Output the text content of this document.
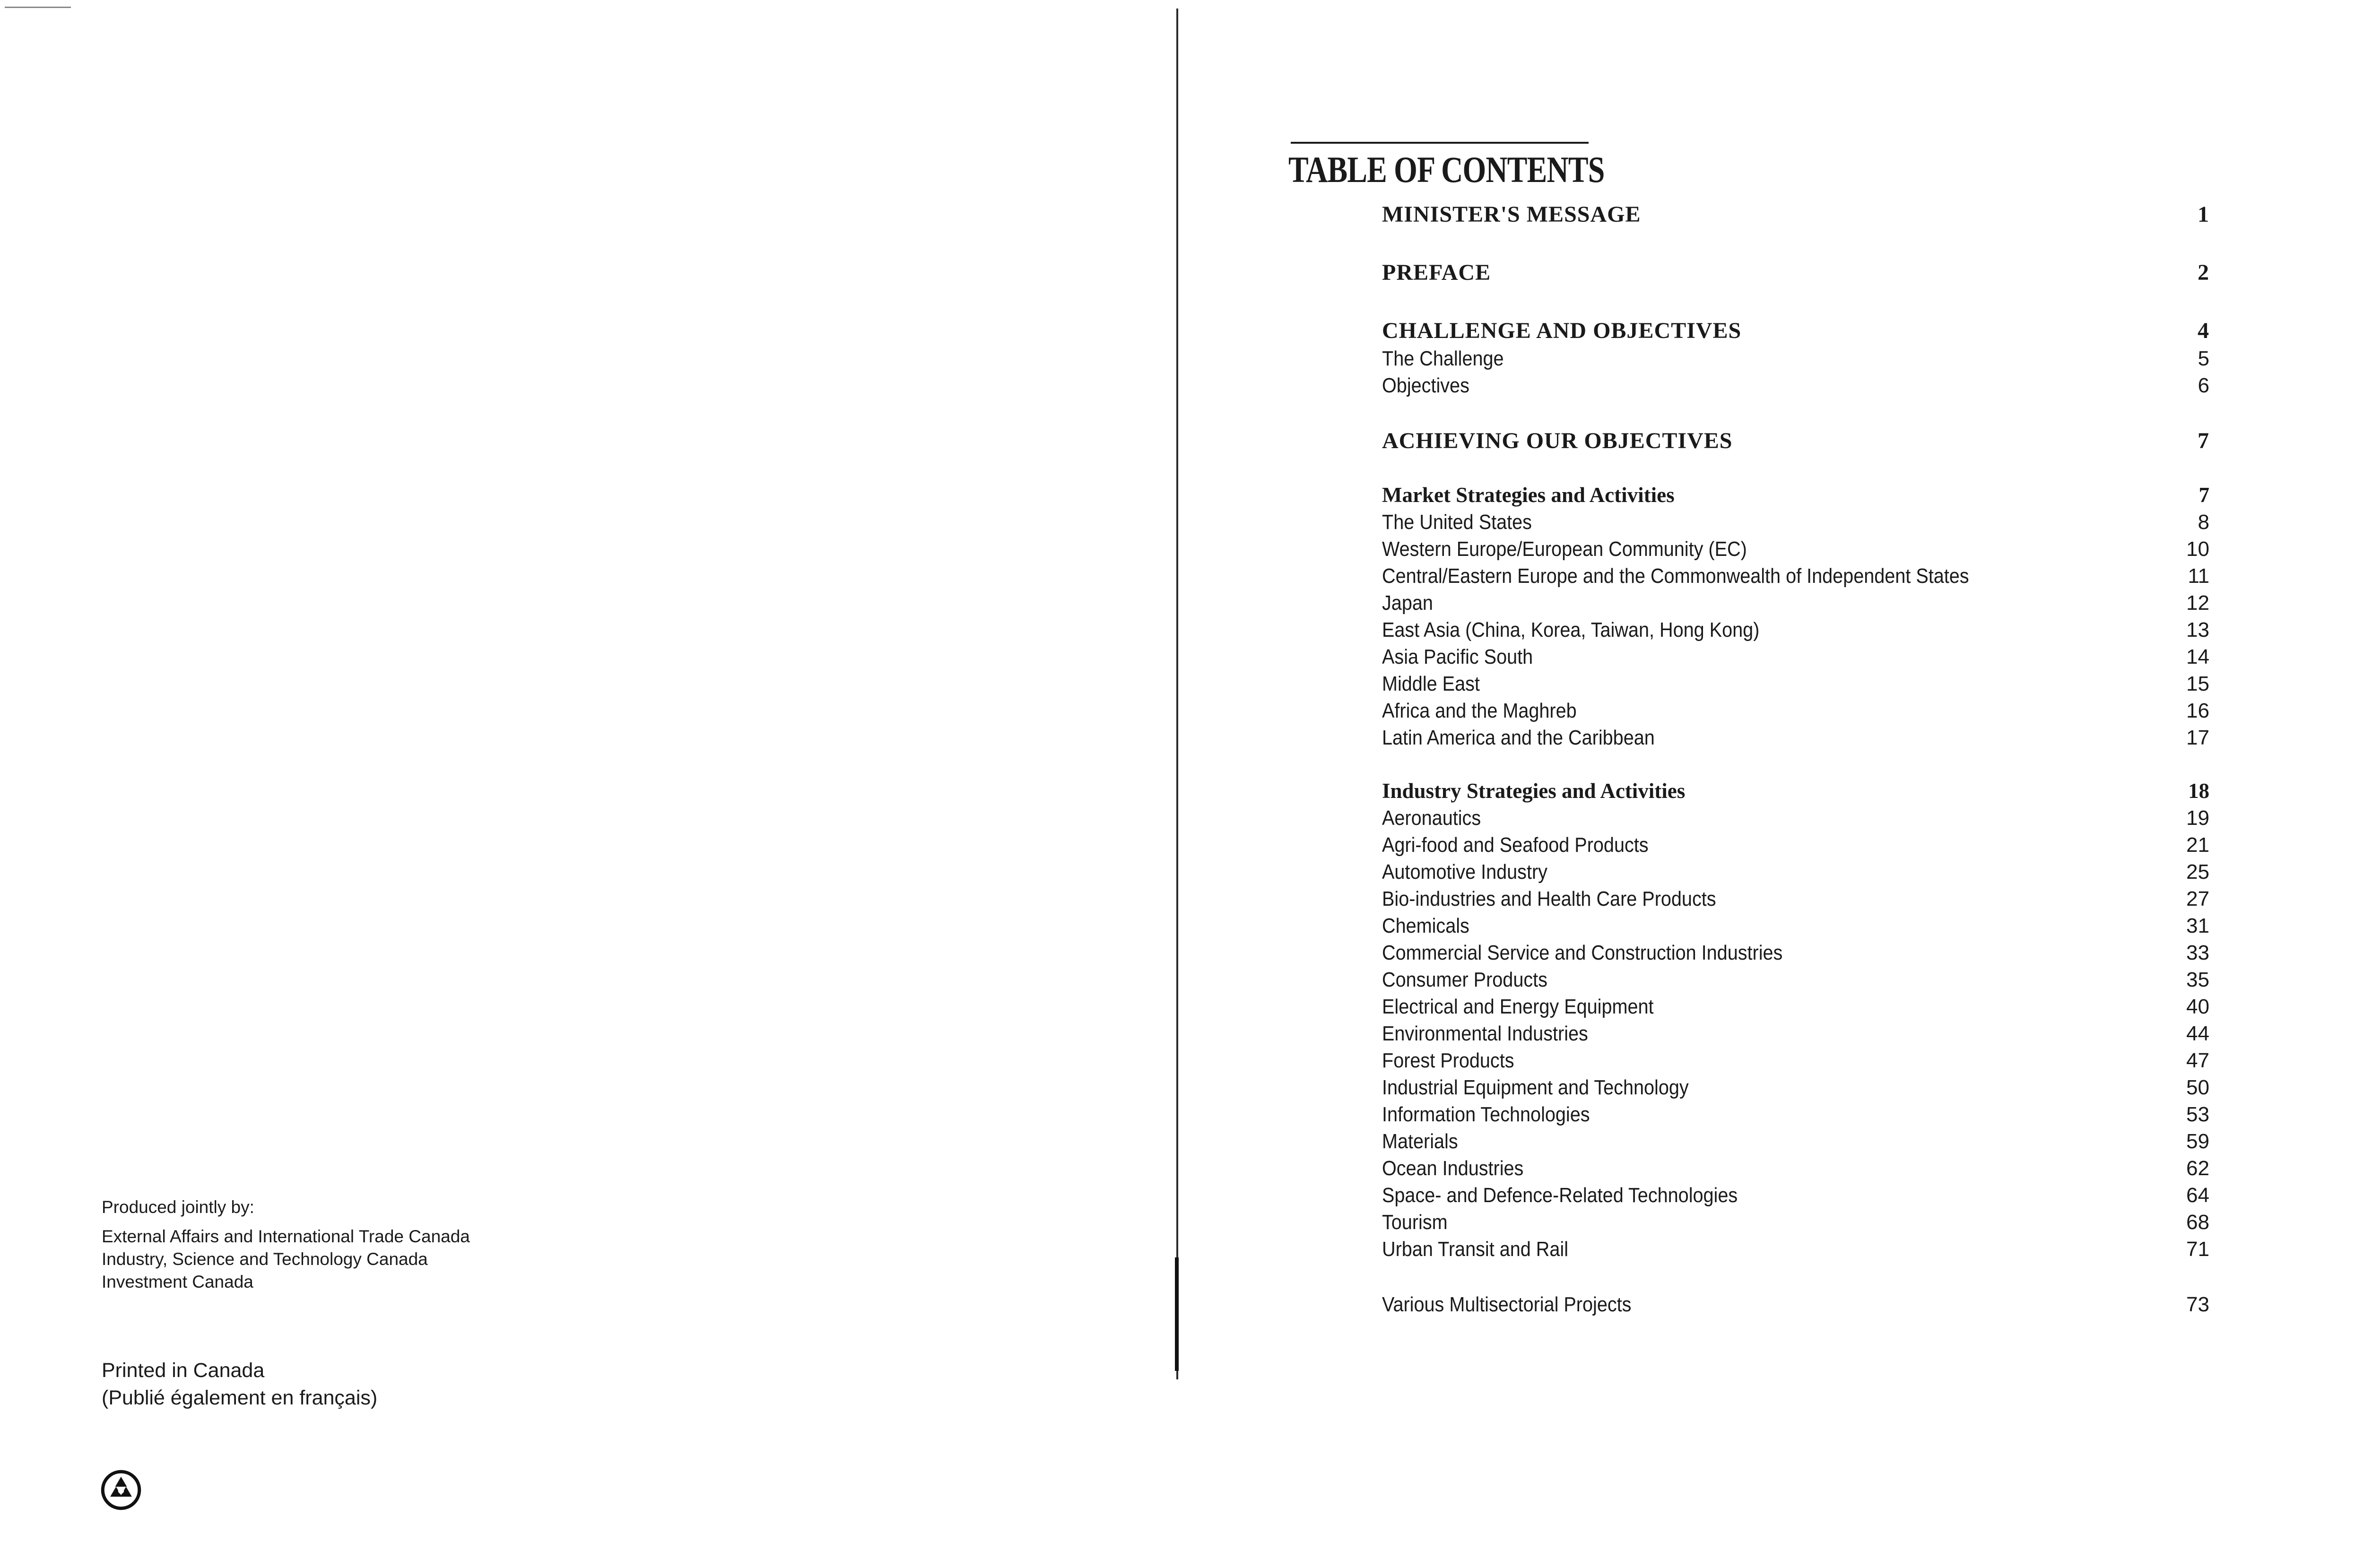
Produced jointly by:
External Affairs and International Trade Canada
Industry, Science and Technology Canada
Investment Canada
Printed in Canada
(Publié également en français)
TABLE OF CONTENTS
MINISTER'S MESSAGE	1
PREFACE	2
CHALLENGE AND OBJECTIVES	4
The Challenge	5
Objectives	6
ACHIEVING OUR OBJECTIVES	7
Market Strategies and Activities	7
The United States	8
Western Europe/European Community (EC)	10
Central/Eastern Europe and the Commonwealth of Independent States	11
Japan	12
East Asia (China, Korea, Taiwan, Hong Kong)	13
Asia Pacific South	14
Middle East	15
Africa and the Maghreb	16
Latin America and the Caribbean	17
Industry Strategies and Activities	18
Aeronautics	19
Agri-food and Seafood Products	21
Automotive Industry	25
Bio-industries and Health Care Products	27
Chemicals	31
Commercial Service and Construction Industries	33
Consumer Products	35
Electrical and Energy Equipment	40
Environmental Industries	44
Forest Products	47
Industrial Equipment and Technology	50
Information Technologies	53
Materials	59
Ocean Industries	62
Space- and Defence-Related Technologies	64
Tourism	68
Urban Transit and Rail	71
Various Multisectorial Projects	73
